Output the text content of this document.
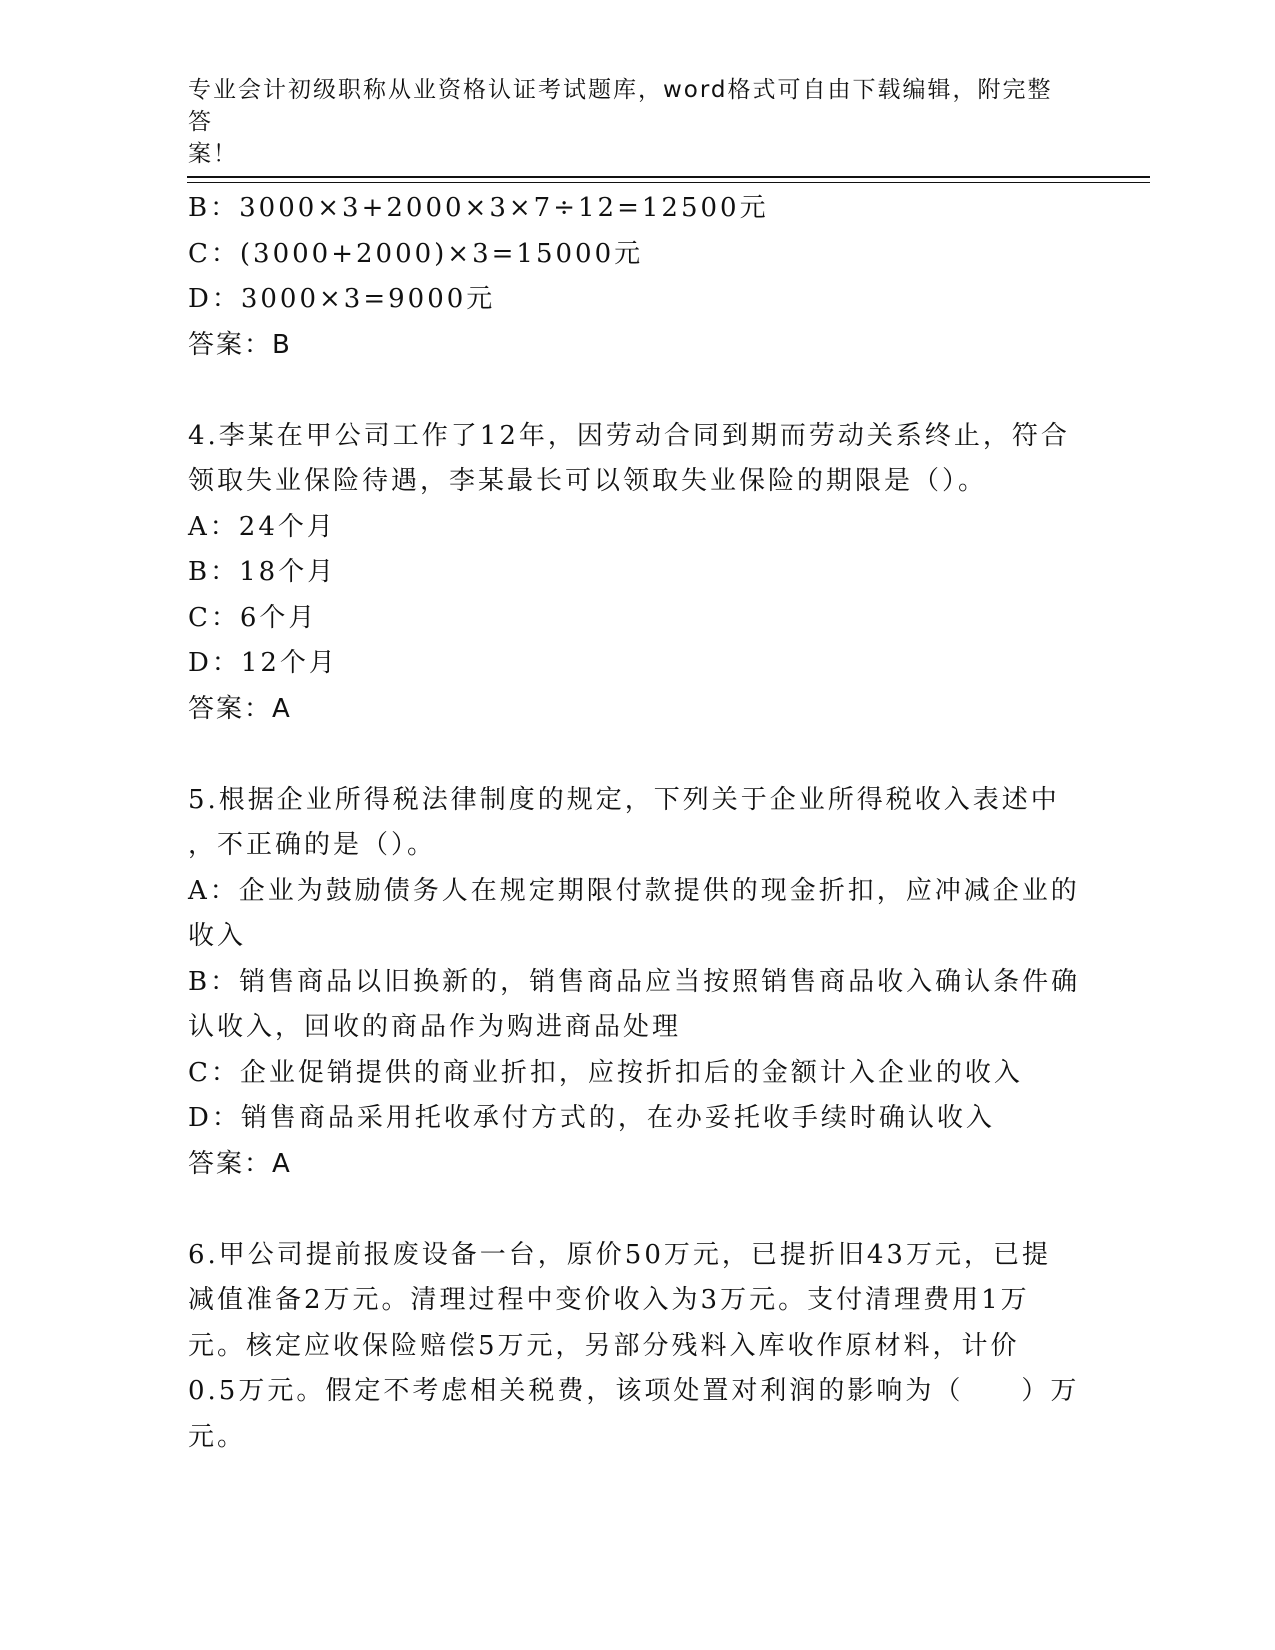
专业会计初级职称从业资格认证考试题库，word格式可自由下载编辑，附完整答
案！
B：3000×3+2000×3×7÷12=12500元
C：(3000+2000)×3=15000元
D：3000×3=9000元
答案：B
4.李某在甲公司工作了12年，因劳动合同到期而劳动关系终止，符合
领取失业保险待遇，李某最长可以领取失业保险的期限是（）。
A：24个月
B：18个月
C：6个月
D：12个月
答案：A
5.根据企业所得税法律制度的规定，下列关于企业所得税收入表述中
，不正确的是（）。
A：企业为鼓励债务人在规定期限付款提供的现金折扣，应冲减企业的
收入
B：销售商品以旧换新的，销售商品应当按照销售商品收入确认条件确
认收入，回收的商品作为购进商品处理
C：企业促销提供的商业折扣，应按折扣后的金额计入企业的收入
D：销售商品采用托收承付方式的，在办妥托收手续时确认收入
答案：A
6.甲公司提前报废设备一台，原价50万元，已提折旧43万元，已提
减值准备2万元。清理过程中变价收入为3万元。支付清理费用1万
元。核定应收保险赔偿5万元，另部分残料入库收作原材料，计价
0.5万元。假定不考虑相关税费，该项处置对利润的影响为（　　）万
元。
